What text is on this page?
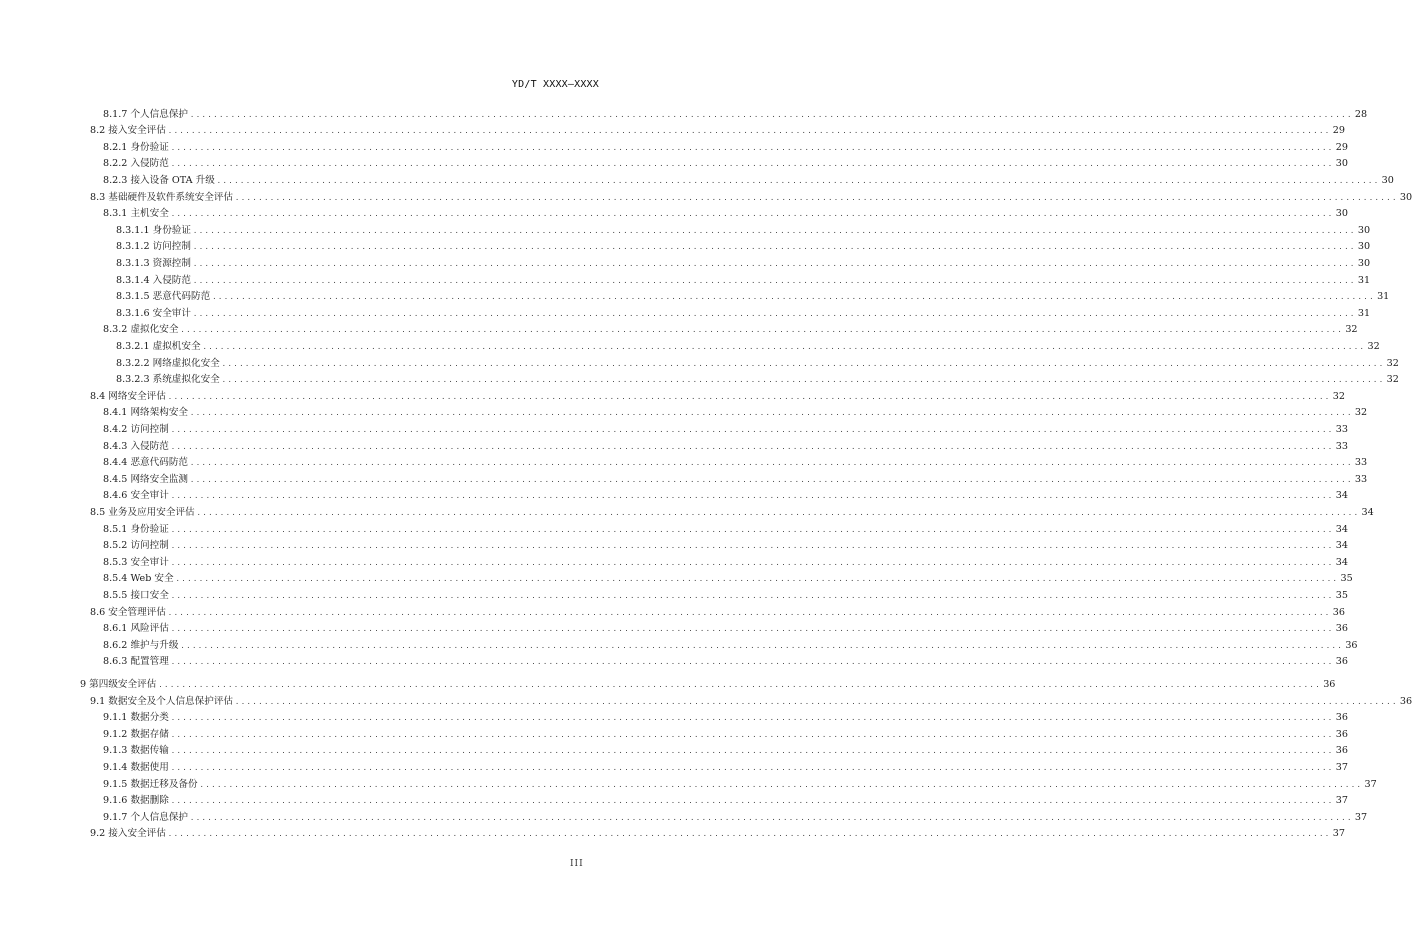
YD/T XXXX—XXXX
8.1.7 个人信息保护 ........................................................................................................................................................................................................ 28
8.2 接入安全评估 ........................................................................................................................................................................................................ 29
8.2.1 身份验证 ........................................................................................................................................................................................................ 29
8.2.2 入侵防范 ........................................................................................................................................................................................................ 30
8.2.3 接入设备 OTA 升级 ........................................................................................................................................................................................................ 30
8.3 基础硬件及软件系统安全评估 ........................................................................................................................................................................................................ 30
8.3.1 主机安全 ........................................................................................................................................................................................................ 30
8.3.1.1 身份验证 ........................................................................................................................................................................................................ 30
8.3.1.2 访问控制 ........................................................................................................................................................................................................ 30
8.3.1.3 资源控制 ........................................................................................................................................................................................................ 30
8.3.1.4 入侵防范 ........................................................................................................................................................................................................ 31
8.3.1.5 恶意代码防范 ........................................................................................................................................................................................................ 31
8.3.1.6 安全审计 ........................................................................................................................................................................................................ 31
8.3.2 虚拟化安全 ........................................................................................................................................................................................................ 32
8.3.2.1 虚拟机安全 ........................................................................................................................................................................................................ 32
8.3.2.2 网络虚拟化安全 ........................................................................................................................................................................................................ 32
8.3.2.3 系统虚拟化安全 ........................................................................................................................................................................................................ 32
8.4 网络安全评估 ........................................................................................................................................................................................................ 32
8.4.1 网络架构安全 ........................................................................................................................................................................................................ 32
8.4.2 访问控制 ........................................................................................................................................................................................................ 33
8.4.3 入侵防范 ........................................................................................................................................................................................................ 33
8.4.4 恶意代码防范 ........................................................................................................................................................................................................ 33
8.4.5 网络安全监测 ........................................................................................................................................................................................................ 33
8.4.6 安全审计 ........................................................................................................................................................................................................ 34
8.5 业务及应用安全评估 ........................................................................................................................................................................................................ 34
8.5.1 身份验证 ........................................................................................................................................................................................................ 34
8.5.2 访问控制 ........................................................................................................................................................................................................ 34
8.5.3 安全审计 ........................................................................................................................................................................................................ 34
8.5.4 Web 安全 ........................................................................................................................................................................................................ 35
8.5.5 接口安全 ........................................................................................................................................................................................................ 35
8.6 安全管理评估 ........................................................................................................................................................................................................ 36
8.6.1 风险评估 ........................................................................................................................................................................................................ 36
8.6.2 维护与升级 ........................................................................................................................................................................................................ 36
8.6.3 配置管理 ........................................................................................................................................................................................................ 36
9 第四级安全评估 ........................................................................................................................................................................................................ 36
9.1 数据安全及个人信息保护评估 ........................................................................................................................................................................................................ 36
9.1.1 数据分类 ........................................................................................................................................................................................................ 36
9.1.2 数据存储 ........................................................................................................................................................................................................ 36
9.1.3 数据传输 ........................................................................................................................................................................................................ 36
9.1.4 数据使用 ........................................................................................................................................................................................................ 37
9.1.5 数据迁移及备份 ........................................................................................................................................................................................................ 37
9.1.6 数据删除 ........................................................................................................................................................................................................ 37
9.1.7 个人信息保护 ........................................................................................................................................................................................................ 37
9.2 接入安全评估 ........................................................................................................................................................................................................ 37
III
